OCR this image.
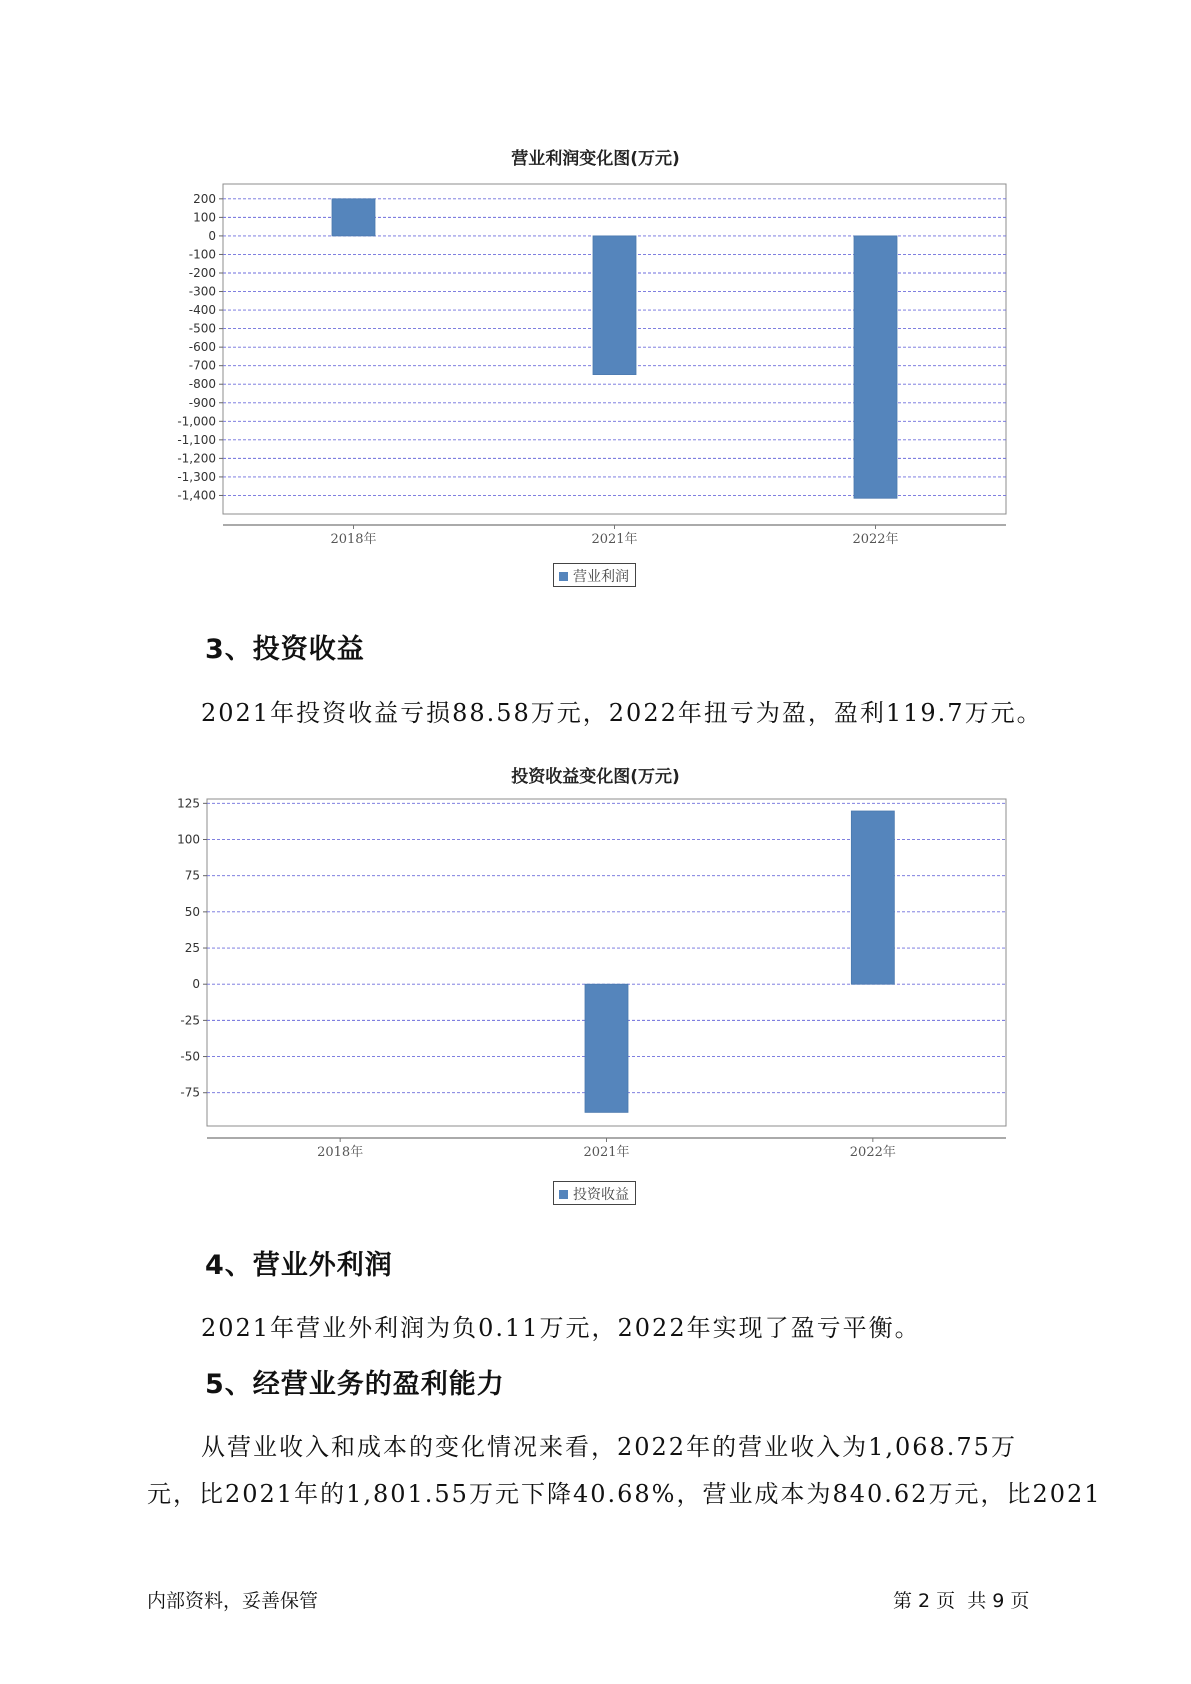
营业利润变化图(万元)
200
100
0
-100
-200
-300
-400
-500
-600
-700
-800
-900
-1,000
-1,100
-1,200
-1,300
-1,400
2018年	2021年	2022年
营业利润
3、投资收益
2021年投资收益亏损88.58万元，2022年扭亏为盈，盈利119.7万元。
投资收益变化图(万元)
125
100
75
50
25
0
-25
-50
-75
2018年	2021年	2022年
投资收益
4、营业外利润
2021年营业外利润为负0.11万元，2022年实现了盈亏平衡。
5、经营业务的盈利能力
从营业收入和成本的变化情况来看，2022年的营业收入为1,068.75万
元，比2021年的1,801.55万元下降40.68%，营业成本为840.62万元，比2021
内部资料，妥善保管	第 2 页  共 9 页
